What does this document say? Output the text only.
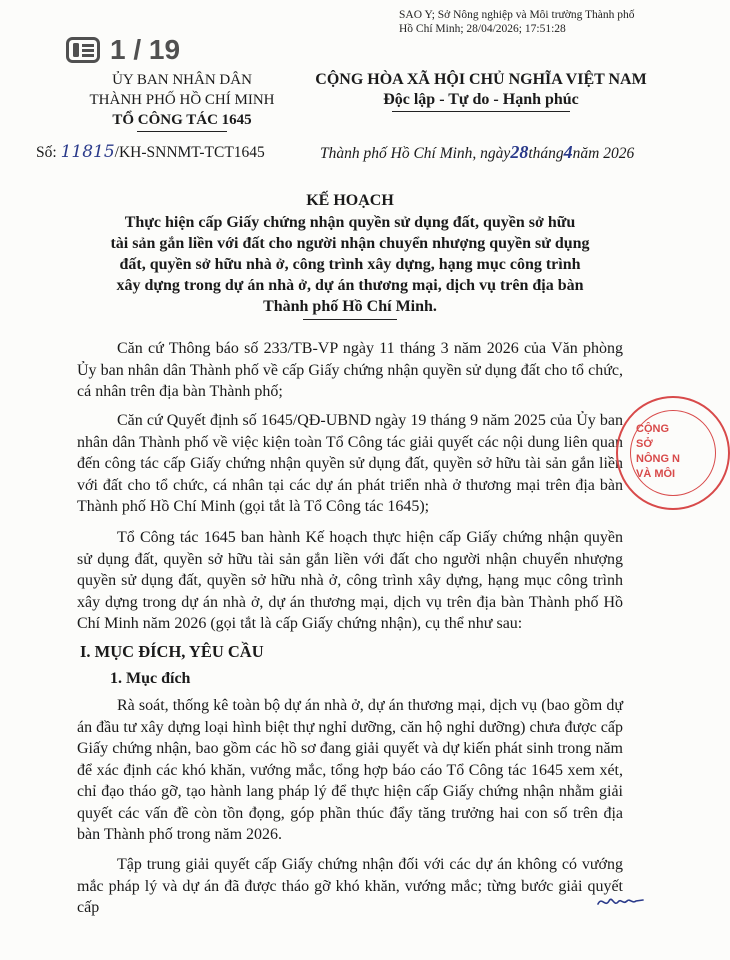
1 / 19
SAO Y; Sở Nông nghiệp và Môi trường Thành phố
Hồ Chí Minh; 28/04/2026; 17:51:28
ỦY BAN NHÂN DÂN
THÀNH PHỐ HỒ CHÍ MINH
TỔ CÔNG TÁC 1645
CỘNG HÒA XÃ HỘI CHỦ NGHĨA VIỆT NAM
Độc lập - Tự do - Hạnh phúc
Số: 11815/KH-SNNMT-TCT1645	Thành phố Hồ Chí Minh, ngày28tháng4năm 2026
KẾ HOẠCH
Thực hiện cấp Giấy chứng nhận quyền sử dụng đất, quyền sở hữu
tài sản gắn liền với đất cho người nhận chuyển nhượng quyền sử dụng
đất, quyền sở hữu nhà ở, công trình xây dựng, hạng mục công trình
xây dựng trong dự án nhà ở, dự án thương mại, dịch vụ trên địa bàn
Thành phố Hồ Chí Minh.

Căn cứ Thông báo số 233/TB-VP ngày 11 tháng 3 năm 2026 của Văn phòng Ủy ban nhân dân Thành phố về cấp Giấy chứng nhận quyền sử dụng đất cho tổ chức, cá nhân trên địa bàn Thành phố;

Căn cứ Quyết định số 1645/QĐ-UBND ngày 19 tháng 9 năm 2025 của Ủy ban nhân dân Thành phố về việc kiện toàn Tổ Công tác giải quyết các nội dung liên quan đến công tác cấp Giấy chứng nhận quyền sử dụng đất, quyền sở hữu tài sản gắn liền với đất cho tổ chức, cá nhân tại các dự án phát triển nhà ở thương mại trên địa bàn Thành phố Hồ Chí Minh (gọi tắt là Tổ Công tác 1645);

Tổ Công tác 1645 ban hành Kế hoạch thực hiện cấp Giấy chứng nhận quyền sử dụng đất, quyền sở hữu tài sản gắn liền với đất cho người nhận chuyển nhượng quyền sử dụng đất, quyền sở hữu nhà ở, công trình xây dựng, hạng mục công trình xây dựng trong dự án nhà ở, dự án thương mại, dịch vụ trên địa bàn Thành phố Hồ Chí Minh năm 2026 (gọi tắt là cấp Giấy chứng nhận), cụ thể như sau:

I. MỤC ĐÍCH, YÊU CẦU
1. Mục đích

Rà soát, thống kê toàn bộ dự án nhà ở, dự án thương mại, dịch vụ (bao gồm dự án đầu tư xây dựng loại hình biệt thự nghỉ dưỡng, căn hộ nghỉ dưỡng) chưa được cấp Giấy chứng nhận, bao gồm các hồ sơ đang giải quyết và dự kiến phát sinh trong năm để xác định các khó khăn, vướng mắc, tổng hợp báo cáo Tổ Công tác 1645 xem xét, chỉ đạo tháo gỡ, tạo hành lang pháp lý để thực hiện cấp Giấy chứng nhận nhằm giải quyết các vấn đề còn tồn đọng, góp phần thúc đẩy tăng trưởng hai con số trên địa bàn Thành phố trong năm 2026.

Tập trung giải quyết cấp Giấy chứng nhận đối với các dự án không có vướng mắc pháp lý và dự án đã được tháo gỡ khó khăn, vướng mắc; từng bước giải quyết cấp

CỘNG
SỞ
NÔNG N
VÀ MÔI
